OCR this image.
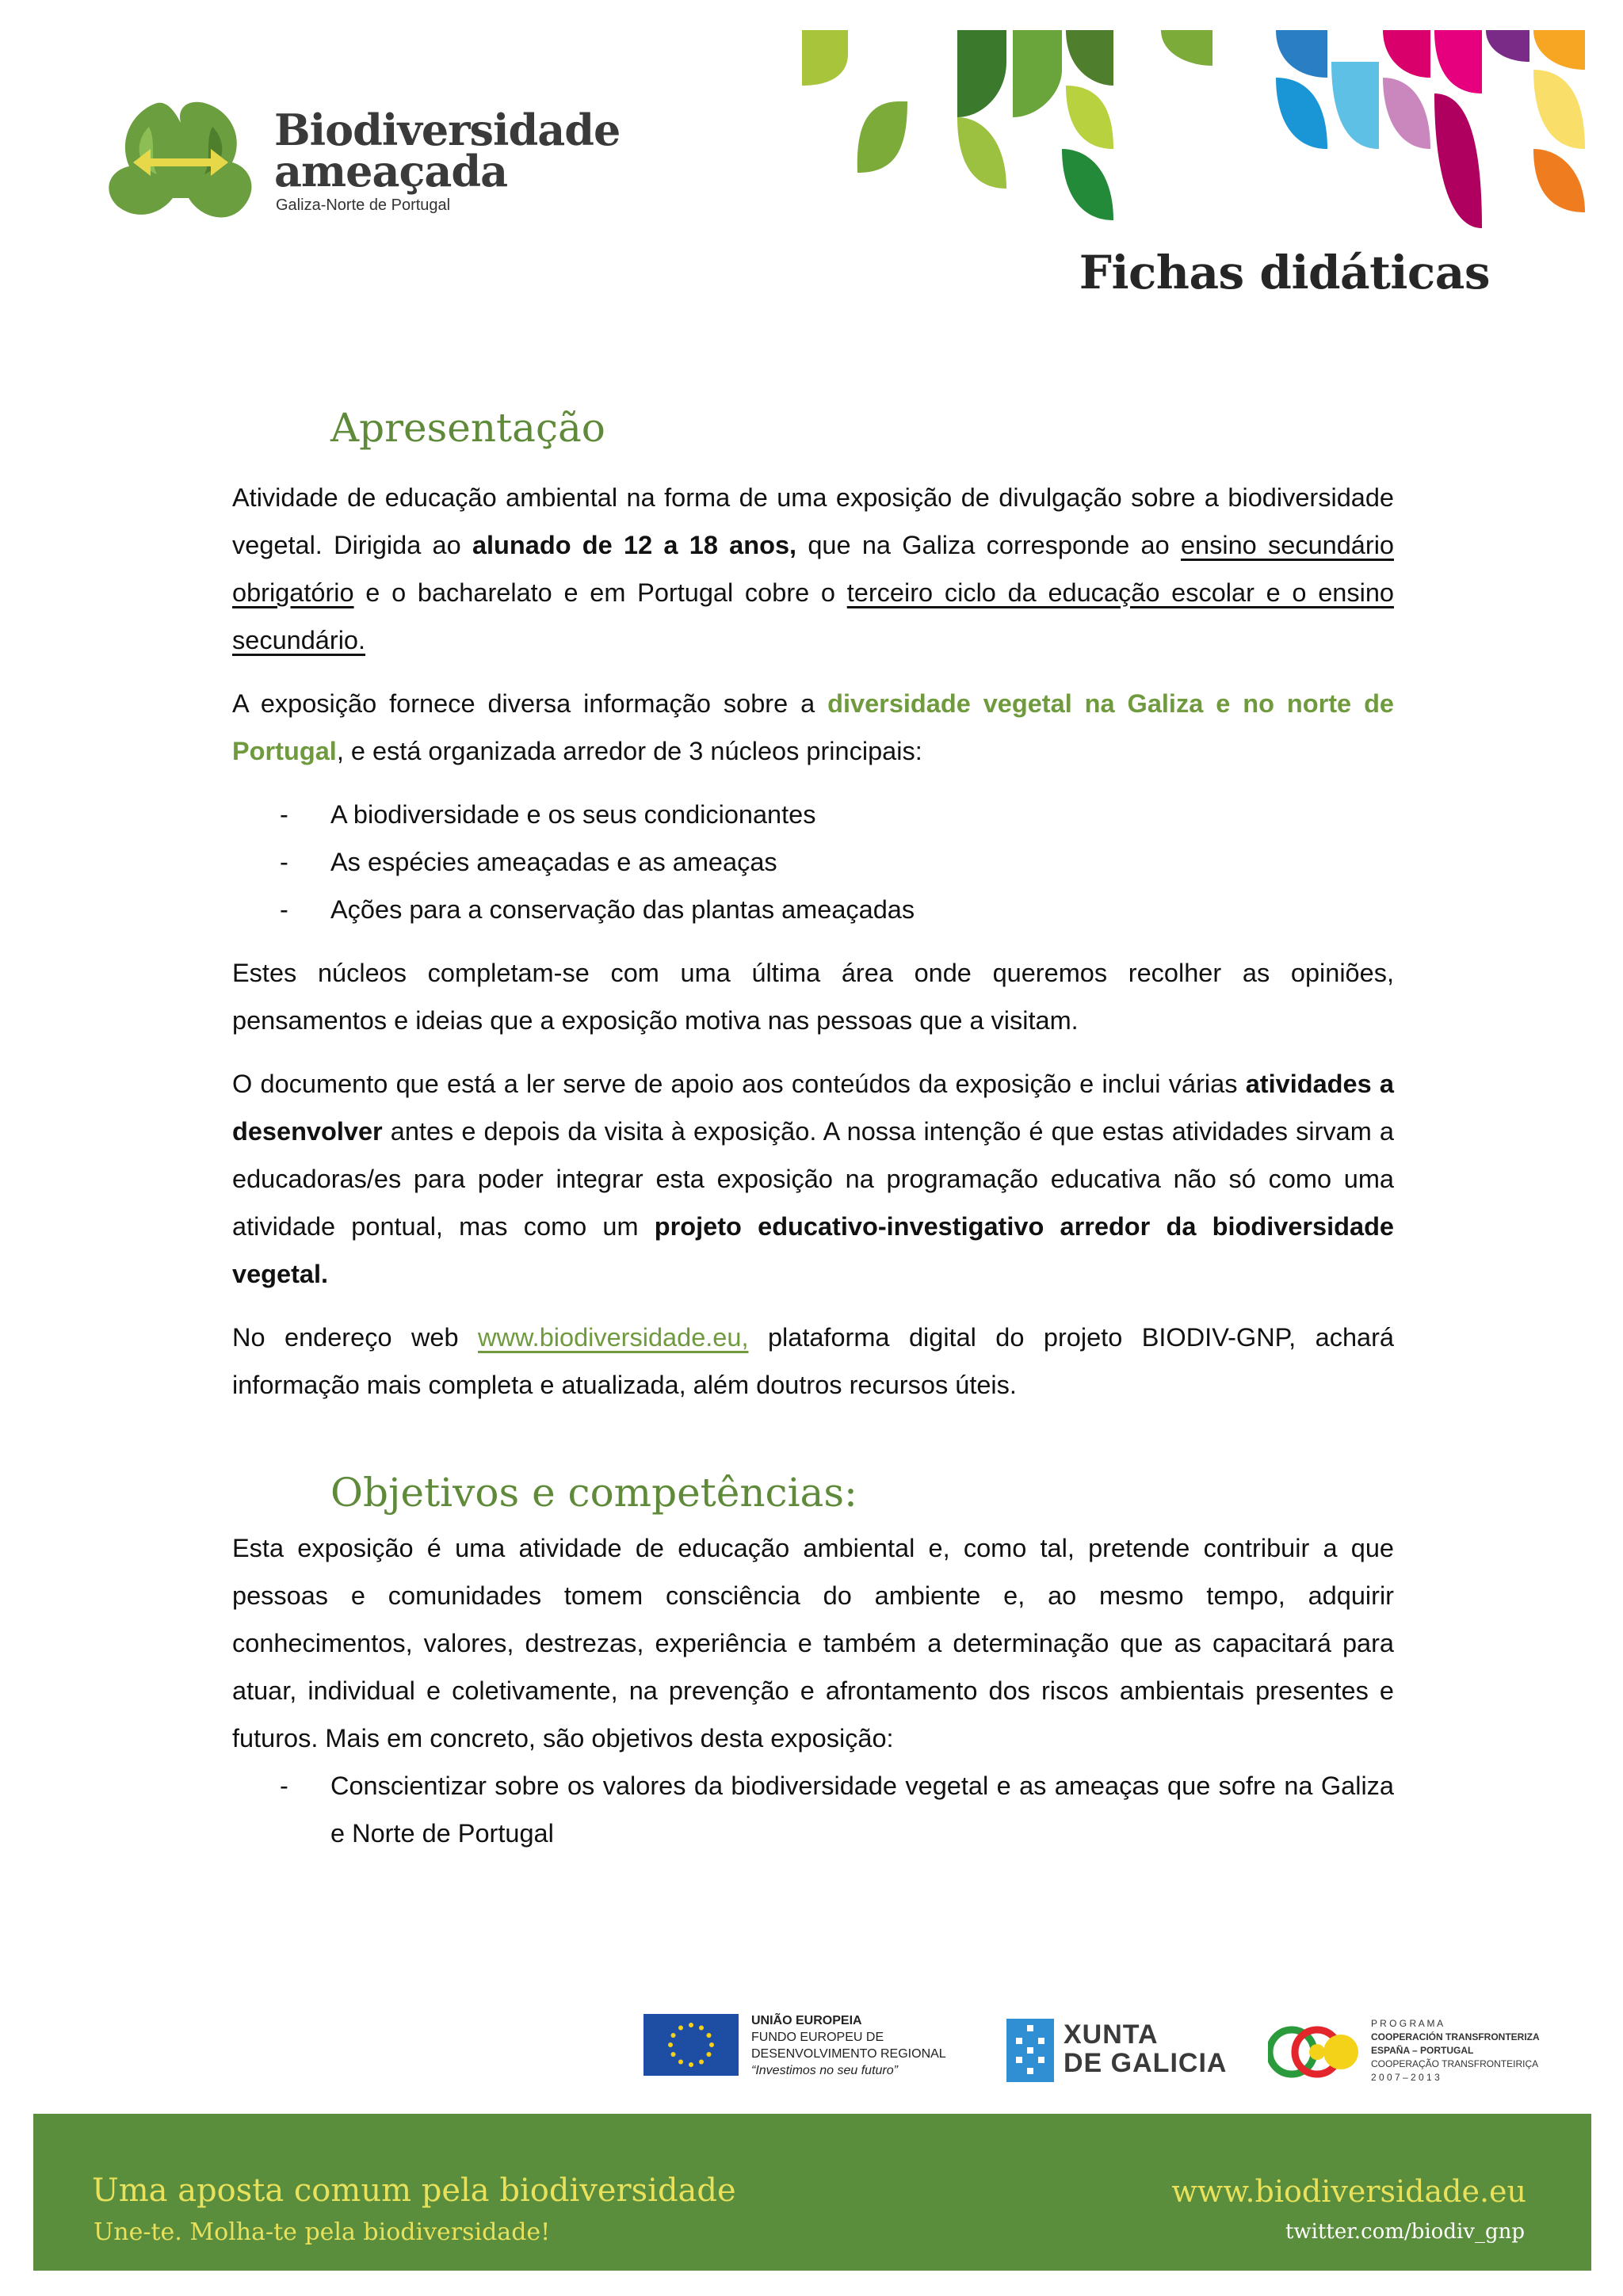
Biodiversidade
ameaçada
Galiza-Norte de Portugal
Fichas didáticas
Apresentação

Atividade de educação ambiental na forma de uma exposição de divulgação sobre a biodiversidade vegetal. Dirigida ao alunado de 12 a 18 anos, que na Galiza corresponde ao ensino secundário obrigatório e o bacharelato e em Portugal cobre o terceiro ciclo da educação escolar e o ensino secundário.

A exposição fornece diversa informação sobre a diversidade vegetal na Galiza e no norte de Portugal, e está organizada arredor de 3 núcleos principais:

- A biodiversidade e os seus condicionantes
- As espécies ameaçadas e as ameaças
- Ações para a conservação das plantas ameaçadas

Estes núcleos completam-se com uma última área onde queremos recolher as opiniões, pensamentos e ideias que a exposição motiva nas pessoas que a visitam.

O documento que está a ler serve de apoio aos conteúdos da exposição e inclui várias atividades a desenvolver antes e depois da visita à exposição. A nossa intenção é que estas atividades sirvam a educadoras/es para poder integrar esta exposição na programação educativa não só como uma atividade pontual, mas como um projeto educativo-investigativo arredor da biodiversidade vegetal.

No endereço web www.biodiversidade.eu, plataforma digital do projeto BIODIV-GNP, achará informação mais completa e atualizada, além doutros recursos úteis.

Objetivos e competências:

Esta exposição é uma atividade de educação ambiental e, como tal, pretende contribuir a que pessoas e comunidades tomem consciência do ambiente e, ao mesmo tempo, adquirir conhecimentos, valores, destrezas, experiência e também a determinação que as capacitará para atuar, individual e coletivamente, na prevenção e afrontamento dos riscos ambientais presentes e futuros. Mais em concreto, são objetivos desta exposição:

- Conscientizar sobre os valores da biodiversidade vegetal e as ameaças que sofre na Galiza e Norte de Portugal
UNIÃO EUROPEIA
FUNDO EUROPEU DE
DESENVOLVIMENTO REGIONAL
“Investimos no seu futuro”
XUNTA
DE GALICIA
P R O G R A M A
COOPERACIÓN TRANSFRONTERIZA
ESPAÑA – PORTUGAL
COOPERAÇÃO TRANSFRONTEIRIÇA
2 0 0 7 – 2 0 1 3
Uma aposta comum pela biodiversidade
Une-te. Molha-te pela biodiversidade!
www.biodiversidade.eu
twitter.com/biodiv_gnp
